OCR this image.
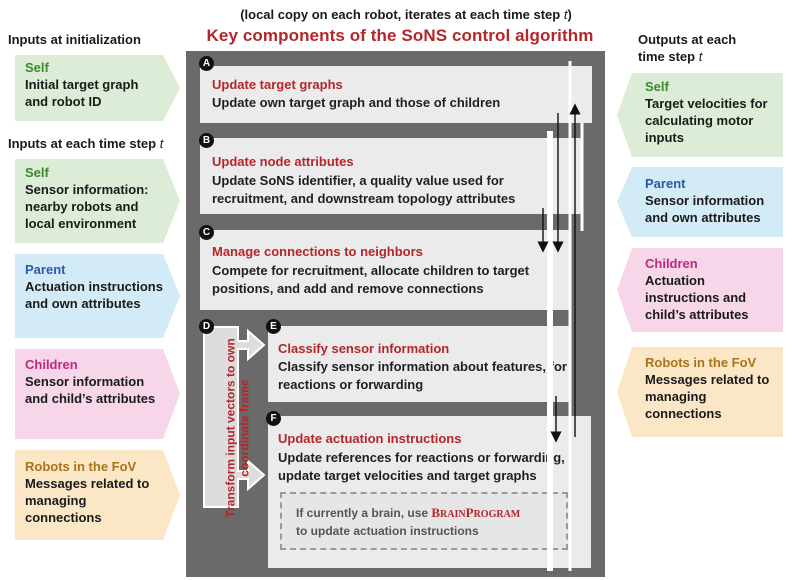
(local copy on each robot, iterates at each time step t)
Key components of the SoNS control algorithm
Inputs at initialization
Inputs at each time step t
Outputs at each
time step t
Self
Initial target graph and robot ID
Self
Sensor information: nearby robots and local environment
Parent
Actuation instructions and own attributes
Children
Sensor information and child’s attributes
Robots in the FoV
Messages related to managing connections
Self
Target velocities for calculating motor inputs
Parent
Sensor information and own attributes
Children
Actuation instructions and child’s attributes
Robots in the FoV
Messages related to managing connections
Update target graphs
Update own target graph and those of children
A
Update node attributes
Update SoNS identifier, a quality value used for recruitment, and downstream topology attributes
B
Manage connections to neighbors
Compete for recruitment, allocate children to target positions, and add and remove connections
C
Transform input vectors to own coordinate frame
D
Classify sensor information
Classify sensor information about features, for reactions or forwarding
E
Update actuation instructions
Update references for reactions or forwarding, update target velocities and target graphs
If currently a brain, use BRAINPROGRAM
to update actuation instructions
F
